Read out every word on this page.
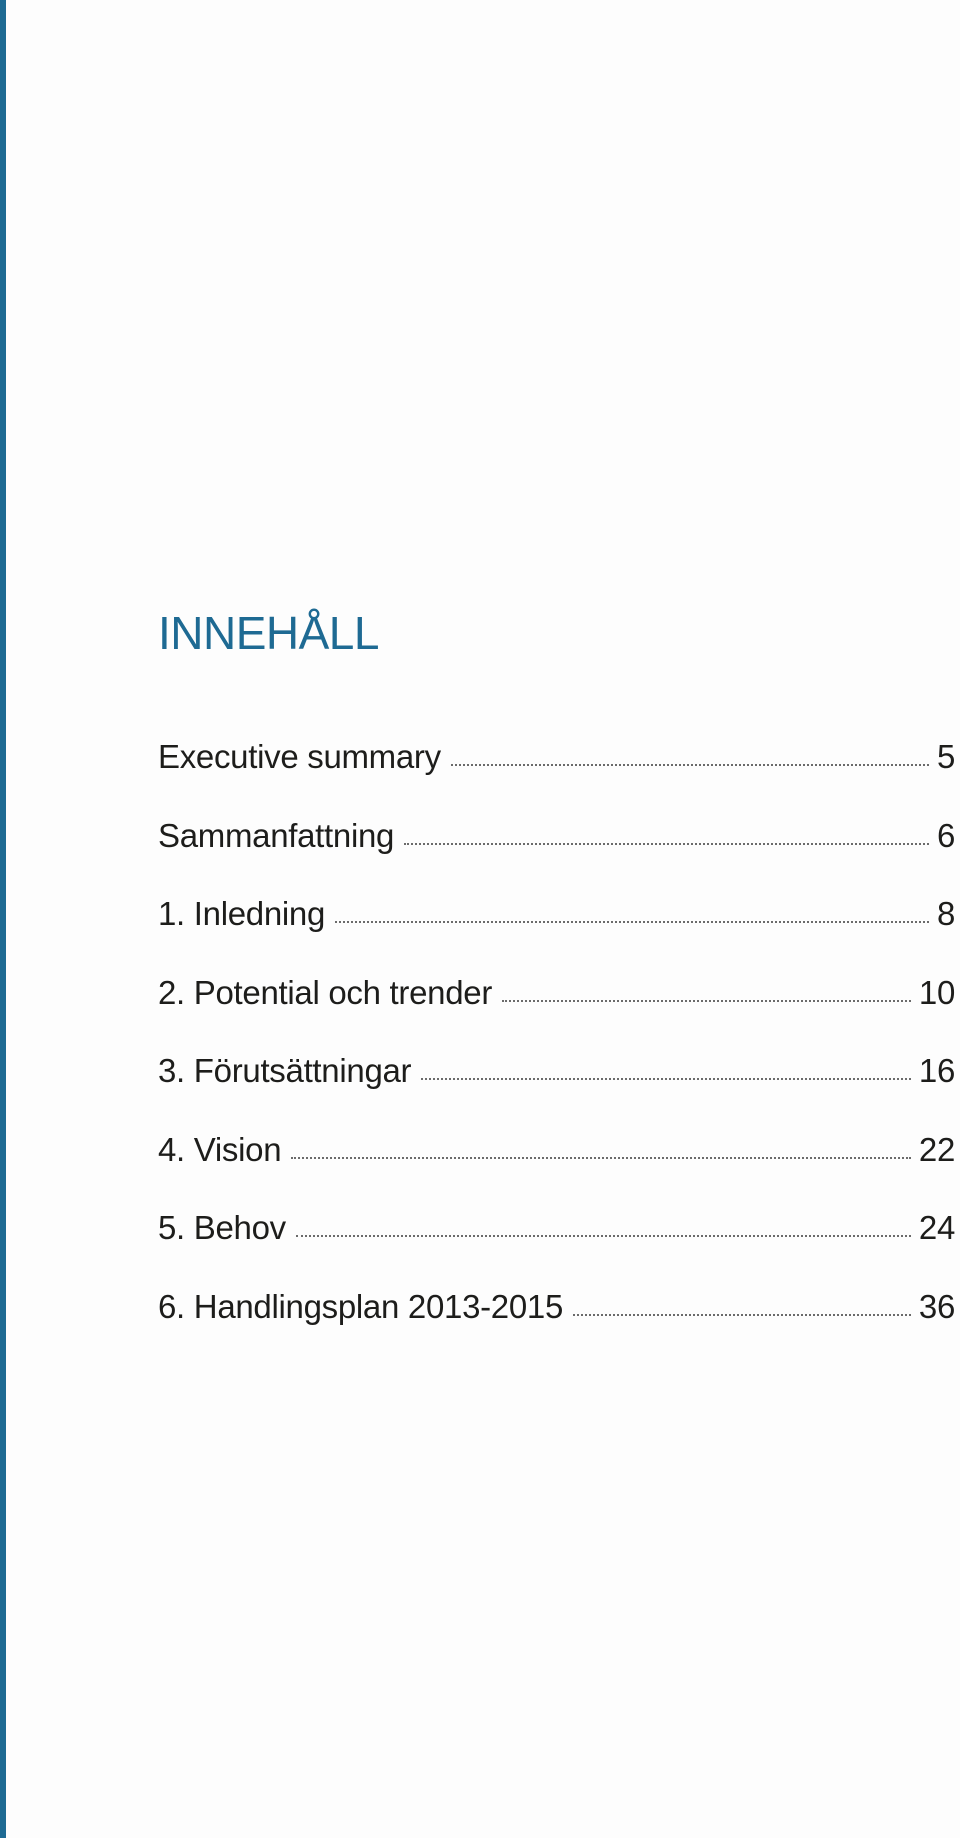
INNEHÅLL
Executive summary	5
Sammanfattning	6
1. Inledning	8
2. Potential och trender	10
3. Förutsättningar	16
4. Vision	22
5. Behov	24
6. Handlingsplan 2013-2015	36
